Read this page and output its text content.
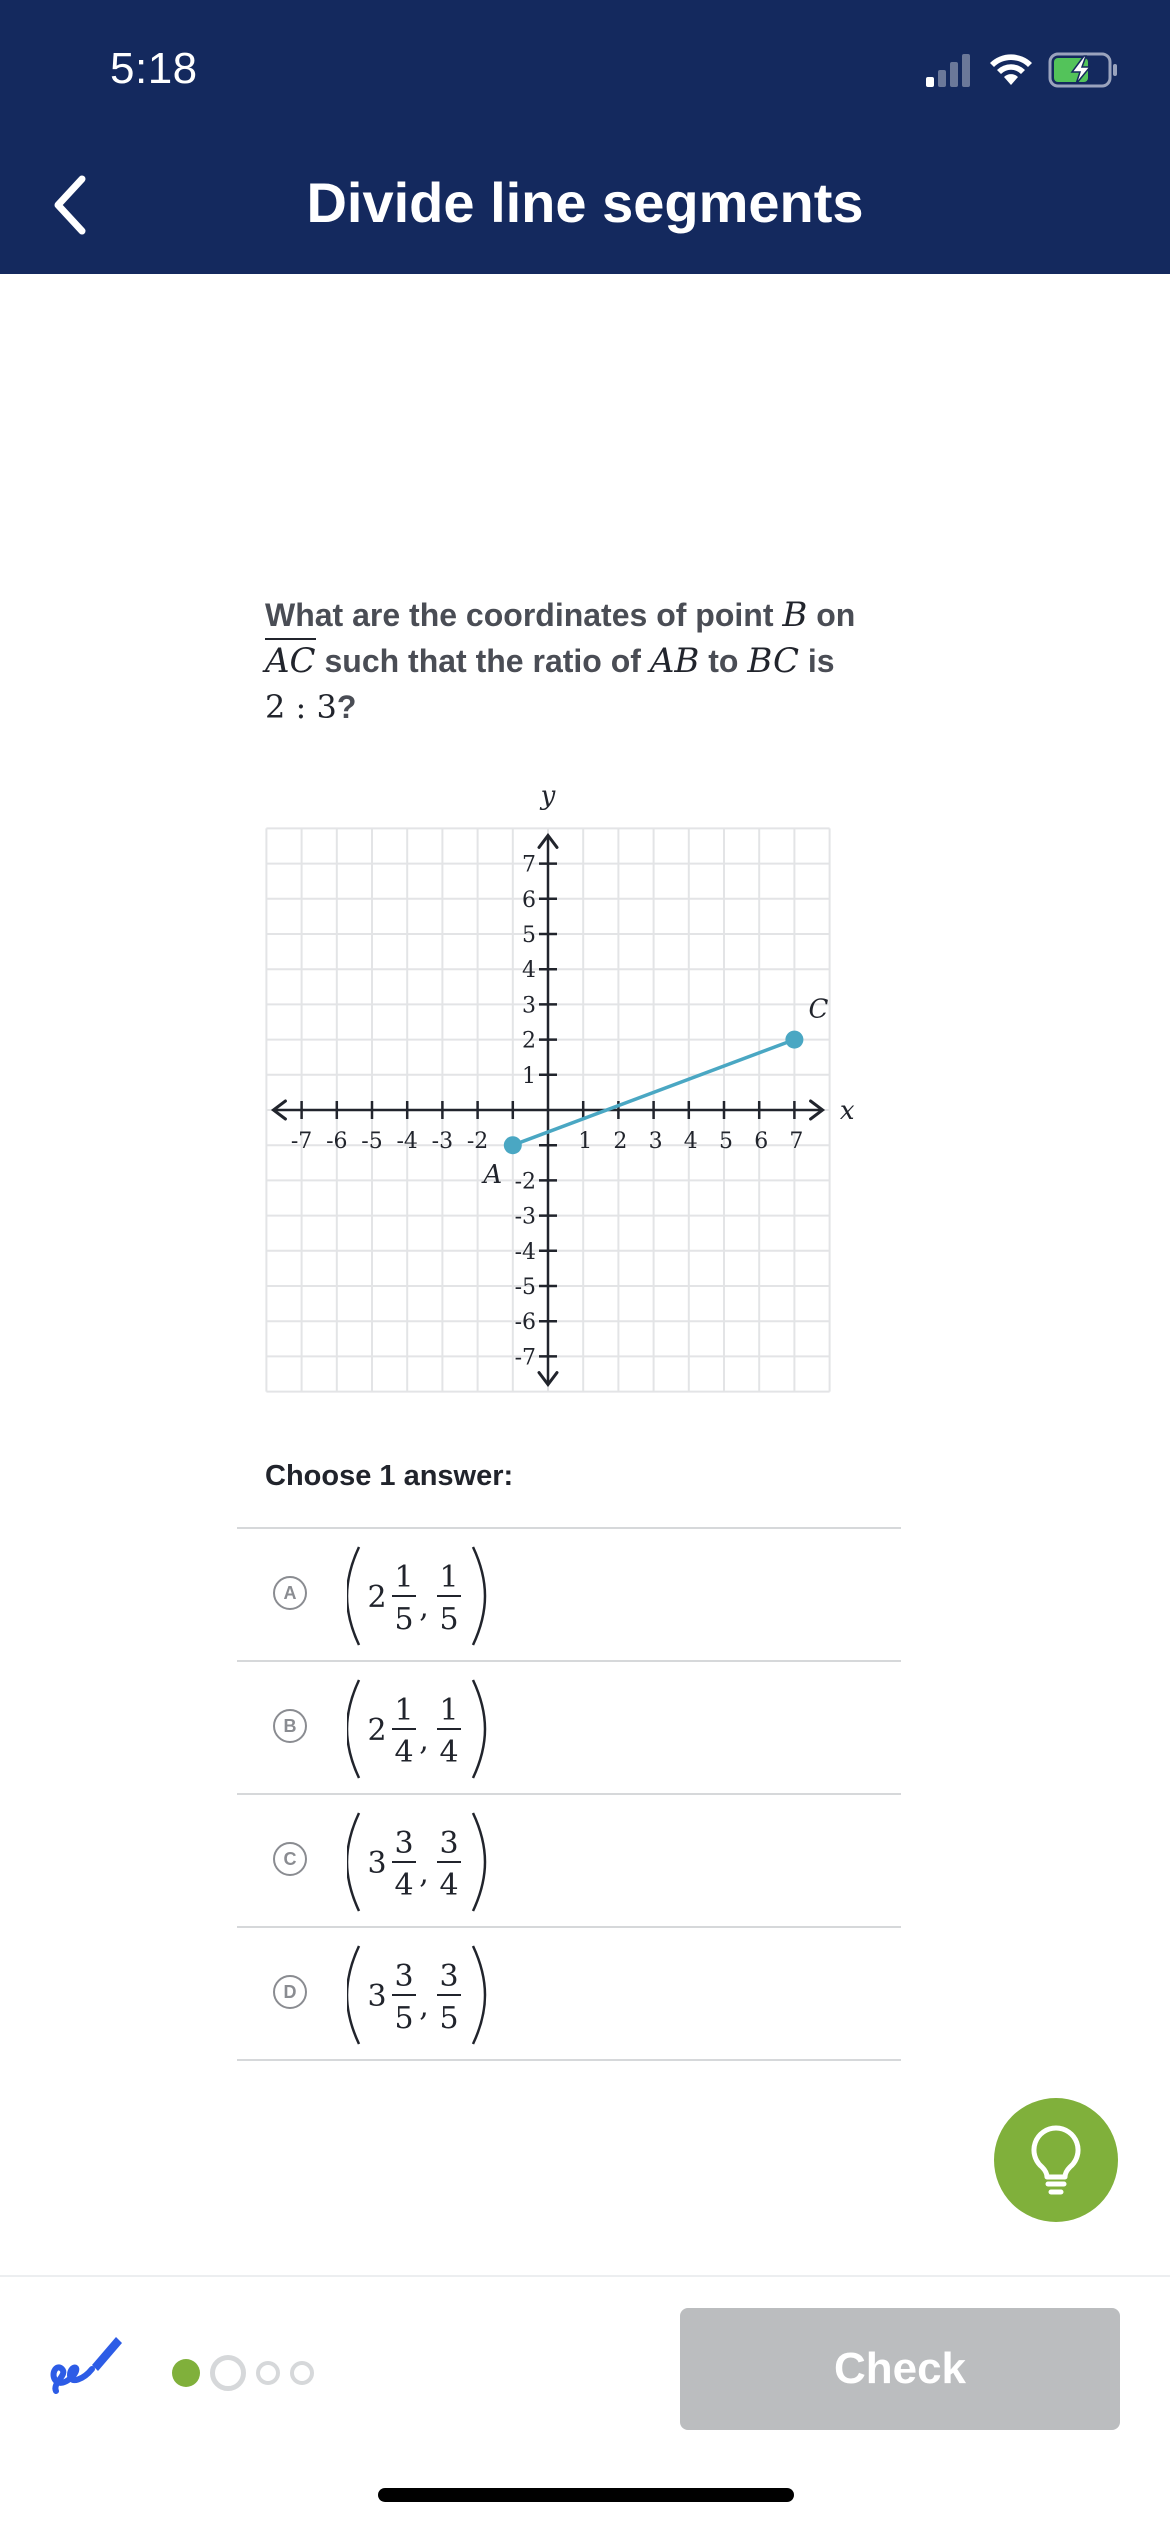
5:18
Divide line segments
What are the coordinates of point B on
AC such that the ratio of AB to BC is
2 : 3?
-7 -6 -5 -4 -3 -2	1 2 3 4 5 6 7
7
6
5
4
3
2
1
-2
-3
-4
-5
-6
-7
x
y
A
C
Choose 1 answer:
A	2
1
5 ,
1
5
B	2
1
4 ,
1
4
C	3
3
4 ,
3
4
D	3
3
5 ,
3
5
Check
